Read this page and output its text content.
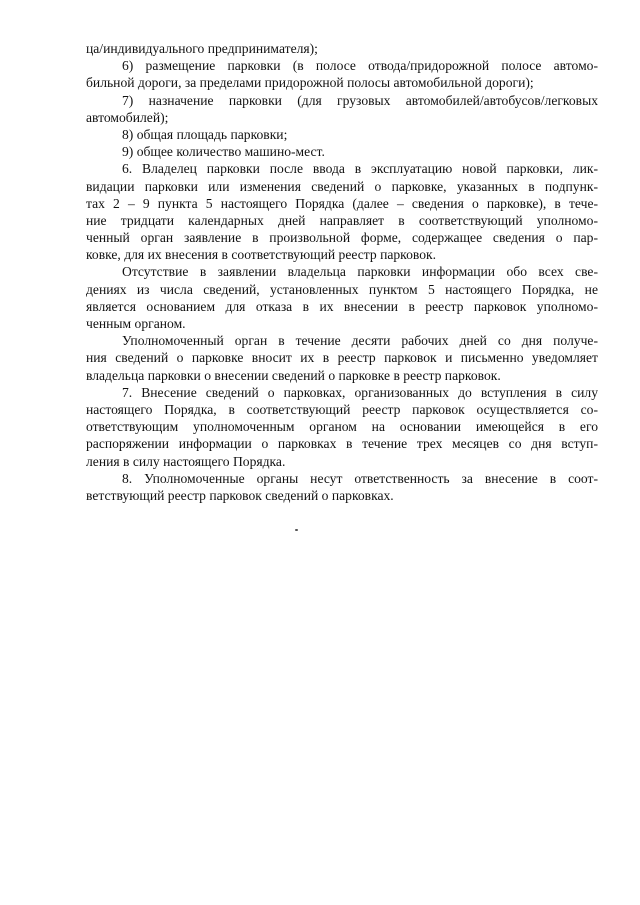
ца/индивидуального предпринимателя);
6) размещение парковки (в полосе отвода/придорожной полосе автомо-
бильной дороги, за пределами придорожной полосы автомобильной дороги);
7) назначение парковки (для грузовых автомобилей/автобусов/легковых
автомобилей);
8) общая площадь парковки;
9) общее количество машино-мест.
6. Владелец парковки после ввода в эксплуатацию новой парковки, лик-
видации парковки или изменения сведений о парковке, указанных в подпунк-
тах 2 – 9 пункта 5 настоящего Порядка (далее – сведения о парковке), в тече-
ние тридцати календарных дней направляет в соответствующий уполномо-
ченный орган заявление в произвольной форме, содержащее сведения о пар-
ковке, для их внесения в соответствующий реестр парковок.
Отсутствие в заявлении владельца парковки информации обо всех све-
дениях из числа сведений, установленных пунктом 5 настоящего Порядка, не
является основанием для отказа в их внесении в реестр парковок уполномо-
ченным органом.
Уполномоченный орган в течение десяти рабочих дней со дня получе-
ния сведений о парковке вносит их в реестр парковок и письменно уведомляет
владельца парковки о внесении сведений о парковке в реестр парковок.
7. Внесение сведений о парковках, организованных до вступления в силу
настоящего Порядка, в соответствующий реестр парковок осуществляется со-
ответствующим уполномоченным органом на основании имеющейся в его
распоряжении информации о парковках в течение трех месяцев со дня вступ-
ления в силу настоящего Порядка.
8. Уполномоченные органы несут ответственность за внесение в соот-
ветствующий реестр парковок сведений о парковках.
